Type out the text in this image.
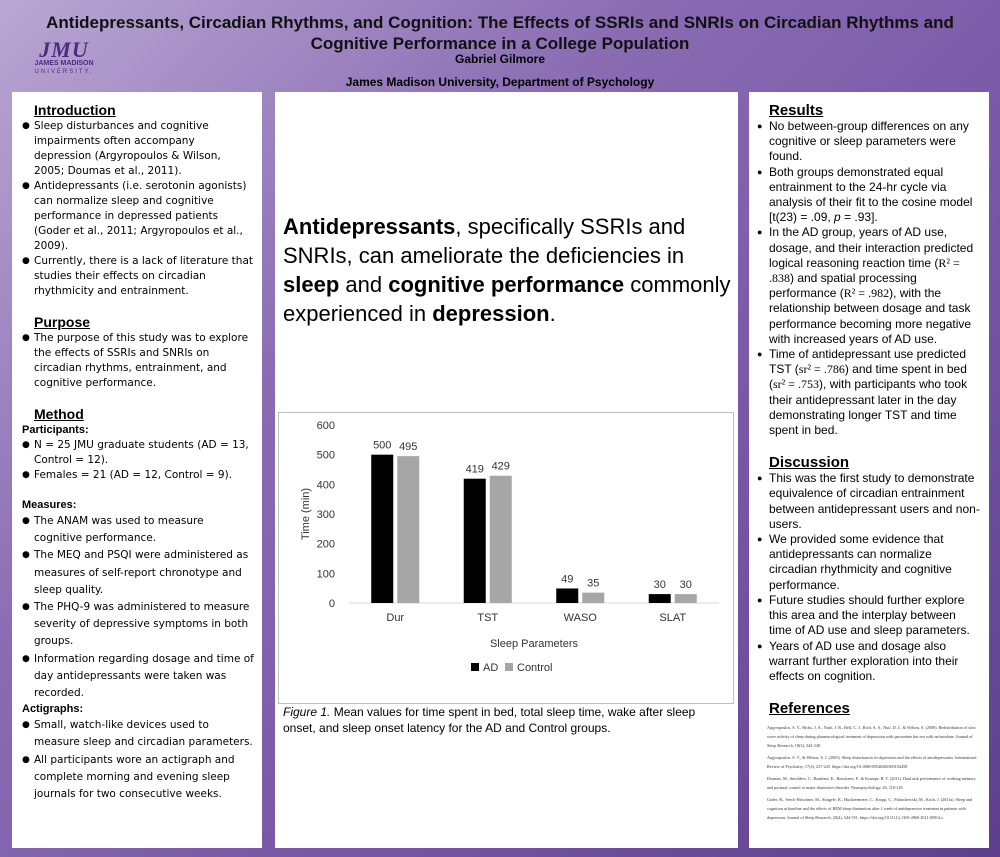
JMU
JAMES MADISON
UNIVERSITY.
Antidepressants, Circadian Rhythms, and Cognition: The Effects of SSRIs and SNRIs on Circadian Rhythms and Cognitive Performance in a College Population
Gabriel Gilmore
James Madison University, Department of Psychology
Introduction
● Sleep disturbances and cognitive impairments often accompany depression (Argyropoulos & Wilson, 2005; Doumas et al., 2011).
● Antidepressants (i.e. serotonin agonists) can normalize sleep and cognitive performance in depressed patients (Goder et al., 2011; Argyropoulos et al., 2009).
● Currently, there is a lack of literature that studies their effects on circadian rhythmicity and entrainment.
Purpose
● The purpose of this study was to explore the effects of SSRIs and SNRIs on circadian rhythms, entrainment, and cognitive performance.
Method
Participants:
● N = 25 JMU graduate students (AD = 13, Control = 12).
● Females = 21 (AD = 12, Control = 9).
Measures:
● The ANAM was used to measure cognitive performance.
● The MEQ and PSQI were administered as measures of self-report chronotype and sleep quality.
● The PHQ-9 was administered to measure severity of depressive symptoms in both groups.
● Information regarding dosage and time of day antidepressants were taken was recorded.
Actigraphs:
● Small, watch-like devices used to measure sleep and circadian parameters.
● All participants wore an actigraph and complete morning and evening sleep journals for two consecutive weeks.
Antidepressants, specifically SSRIs and SNRIs, can ameliorate the deficiencies in sleep and cognitive performance commonly experienced in depression.
0
100
200
300
400
500
600
Time (min)
500 495
Dur
419 429
TST
49 35
WASO
30 30
SLAT
Sleep Parameters
AD Control
Figure 1. Mean values for time spent in bed, total sleep time, wake after sleep onset, and sleep onset latency for the AD and Control groups.
Results
● No between-group differences on any cognitive or sleep parameters were found.
● Both groups demonstrated equal entrainment to the 24-hr cycle via analysis of their fit to the cosine model [t(23) = .09, p = .93].
● In the AD group, years of AD use, dosage, and their interaction predicted logical reasoning reaction time (R² = .838) and spatial processing performance (R² = .982), with the relationship between dosage and task performance becoming more negative with increased years of AD use.
● Time of antidepressant use predicted TST (sr² = .786) and time spent in bed (sr² = .753), with participants who took their antidepressant later in the day demonstrating longer TST and time spent in bed.
Discussion
● This was the first study to demonstrate equivalence of circadian entrainment between antidepressant users and non-users.
● We provided some evidence that antidepressants can normalize circadian rhythmicity and cognitive performance.
● Future studies should further explore this area and the interplay between time of AD use and sleep parameters.
● Years of AD use and dosage also warrant further exploration into their effects on cognition.
References

Argyropoulos, S. V., Hicks, J. A., Nash, J. R., Bell, C. J., Rich, A. S., Nutt, D. J., & Wilson, S. (2009). Redistribution of slow wave activity of sleep during pharmacological treatment of depression with paroxetine but not with nefazodone. Journal of Sleep Research, 18(3), 342-348.

Argyropoulos, S. V., & Wilson, S. J. (2005). Sleep disturbances in depression and the effects of antidepressants. International Review of Psychiatry, 17(4), 237-245. https://doi.org/10.1080/09540260500104458

Doumas, M., Smolders, C., Brunfaut, E., Bouckaert, F., & Krampe, R. T. (2011). Dual task performance of working memory and postural control in major depressive disorder. Neuropsychology, 26, 110-118.

Goder, R., Seeck-Hirschner, M., Stingele, K., Huchzermeier, C., Kropp, C., Palaschewski, M., Koch, J. (2011a). Sleep and cognition at baseline and the effects of REM sleep diminution after 1 week of antidepressive treatment in patients with depression. Journal of Sleep Research, 20(4), 544-551. https://doi.org/10.1111/j.1365-2869.2011.00914.x
